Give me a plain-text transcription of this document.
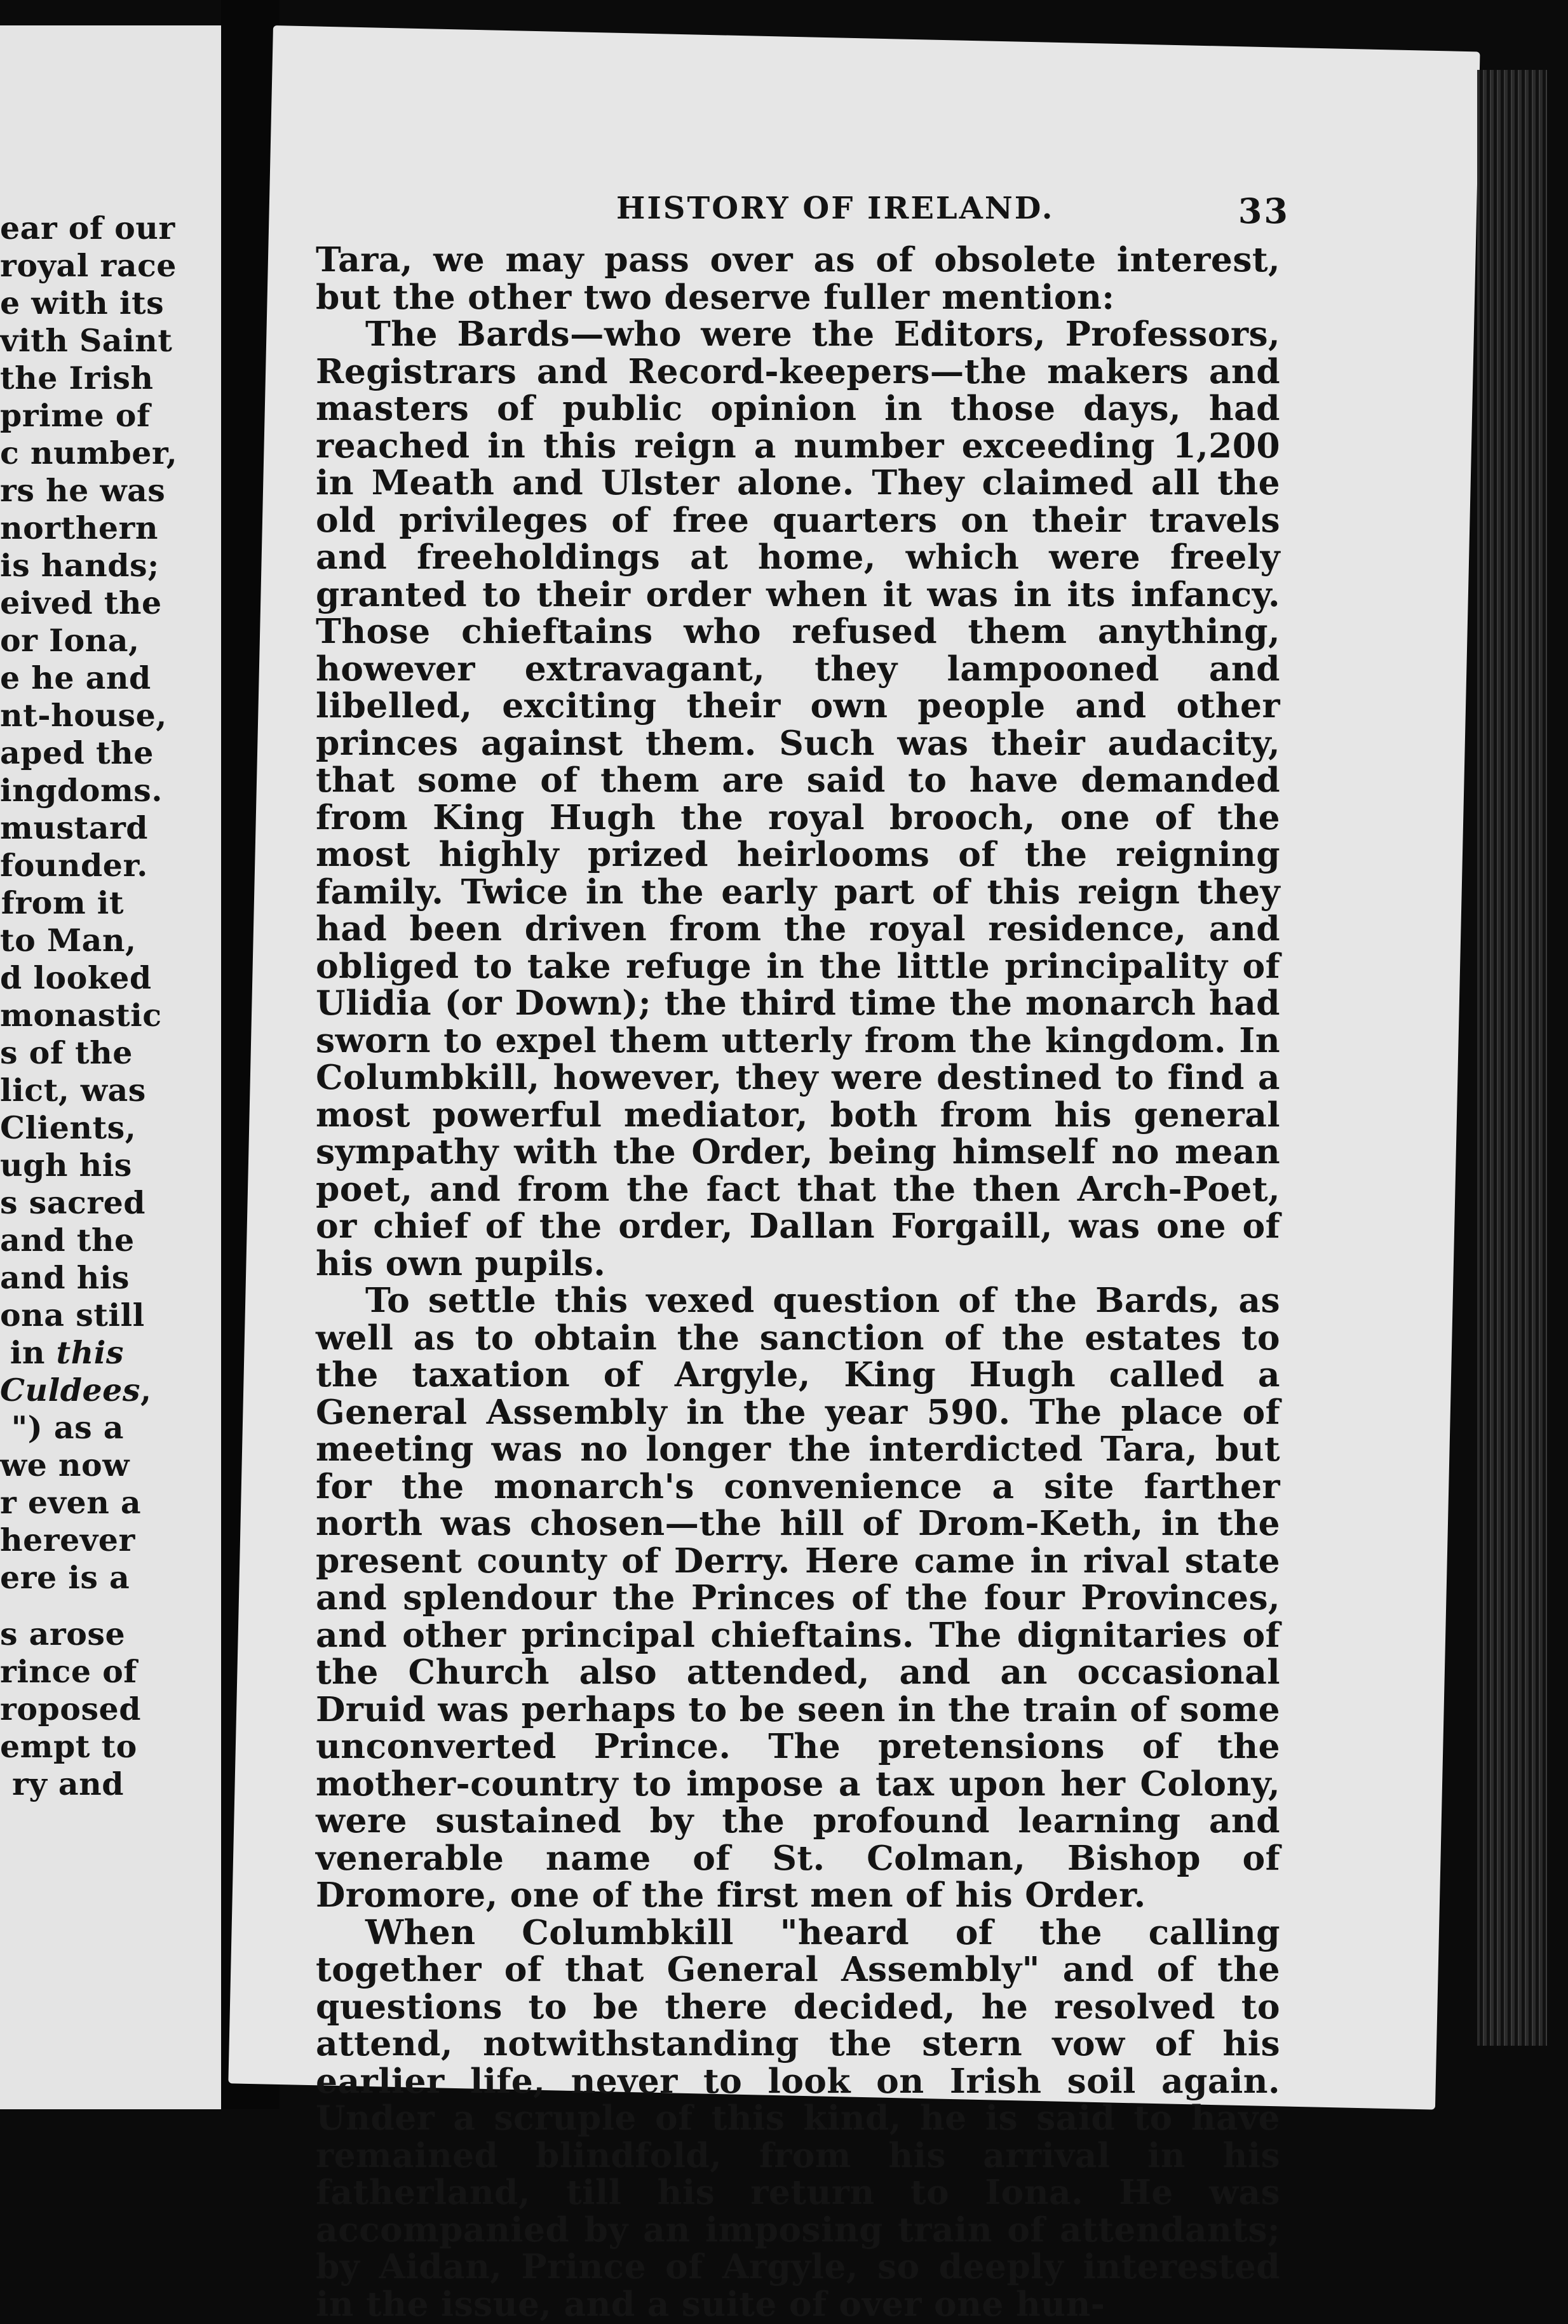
ear of our
royal race
e with its
vith Saint
the Irish
prime of
c number,
rs he was
northern
is hands;
eived the
or Iona,
e he and
nt-house,
aped the
ingdoms.
mustard
founder.
from it
to Man,
d looked
monastic
s of the
lict, was
Clients,
ugh his
s sacred
and the
and his
ona still
in this
Culdees,
") as a
we now
r even a
herever
ere is a
s arose
rince of
roposed
empt to
ry and
HISTORY OF IRELAND.	33

Tara, we may pass over as of obsolete interest, but the other two deserve fuller mention:

The Bards—who were the Editors, Professors, Registrars and Record-keepers—the makers and masters of public opinion in those days, had reached in this reign a number exceeding 1,200 in Meath and Ulster alone. They claimed all the old privileges of free quarters on their travels and freeholdings at home, which were freely granted to their order when it was in its infancy. Those chieftains who refused them anything, however extravagant, they lampooned and libelled, exciting their own people and other princes against them. Such was their audacity, that some of them are said to have demanded from King Hugh the royal brooch, one of the most highly prized heirlooms of the reigning family. Twice in the early part of this reign they had been driven from the royal residence, and obliged to take refuge in the little principality of Ulidia (or Down); the third time the monarch had sworn to expel them utterly from the kingdom. In Columbkill, however, they were destined to find a most powerful mediator, both from his general sympathy with the Order, being himself no mean poet, and from the fact that the then Arch-Poet, or chief of the order, Dallan Forgaill, was one of his own pupils.

To settle this vexed question of the Bards, as well as to obtain the sanction of the estates to the taxation of Argyle, King Hugh called a General Assembly in the year 590. The place of meeting was no longer the interdicted Tara, but for the monarch's convenience a site farther north was chosen—the hill of Drom-Keth, in the present county of Derry. Here came in rival state and splendour the Princes of the four Provinces, and other principal chieftains. The dignitaries of the Church also attended, and an occasional Druid was perhaps to be seen in the train of some unconverted Prince. The pretensions of the mother-country to impose a tax upon her Colony, were sustained by the profound learning and venerable name of St. Colman, Bishop of Dromore, one of the first men of his Order.

When Columbkill "heard of the calling together of that General Assembly" and of the questions to be there decided, he resolved to attend, notwithstanding the stern vow of his earlier life, never to look on Irish soil again. Under a scruple of this kind, he is said to have remained blindfold, from his arrival in his fatherland, till his return to Iona. He was accompanied by an imposing train of attendants; by Aidan, Prince of Argyle, so deeply interested in the issue, and a suite of over one hun-
